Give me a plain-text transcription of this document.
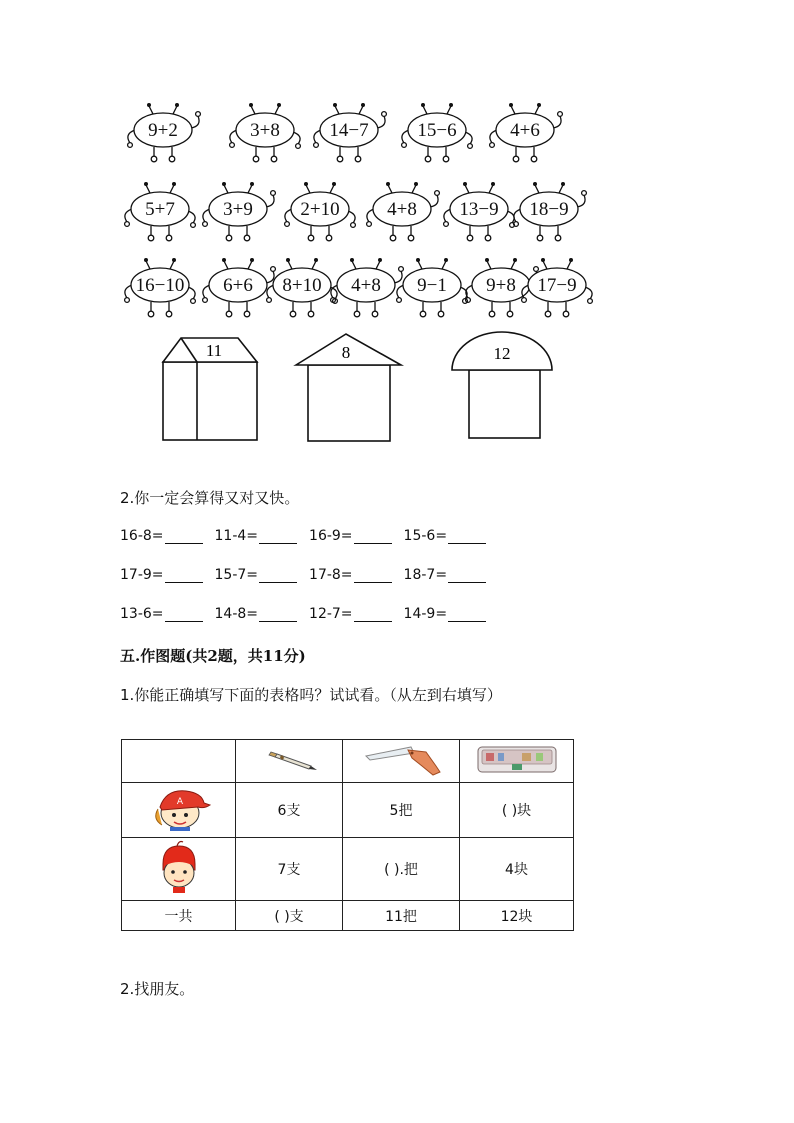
9+2	3+8	14−7	15−6	4+6
5+7	3+9	2+10	4+8 13−9 18−9
16−10 6+6 8+10 4+8 9−1 9+8 17−9
11	8	12
2.你一定会算得又对又快。
16-8=	11-4=	16-9=	15-6=
17-9=	15-7=	17-8=	18-7=
13-6=	14-8=	12-7=	14-9=
五.作图题(共2题，共11分)
1.你能正确填写下面的表格吗？试试看。（从左到右填写）

A	6支	5把	( )块
	7支	( ).把	4块
一共	( )支	11把	12块
2.找朋友。
